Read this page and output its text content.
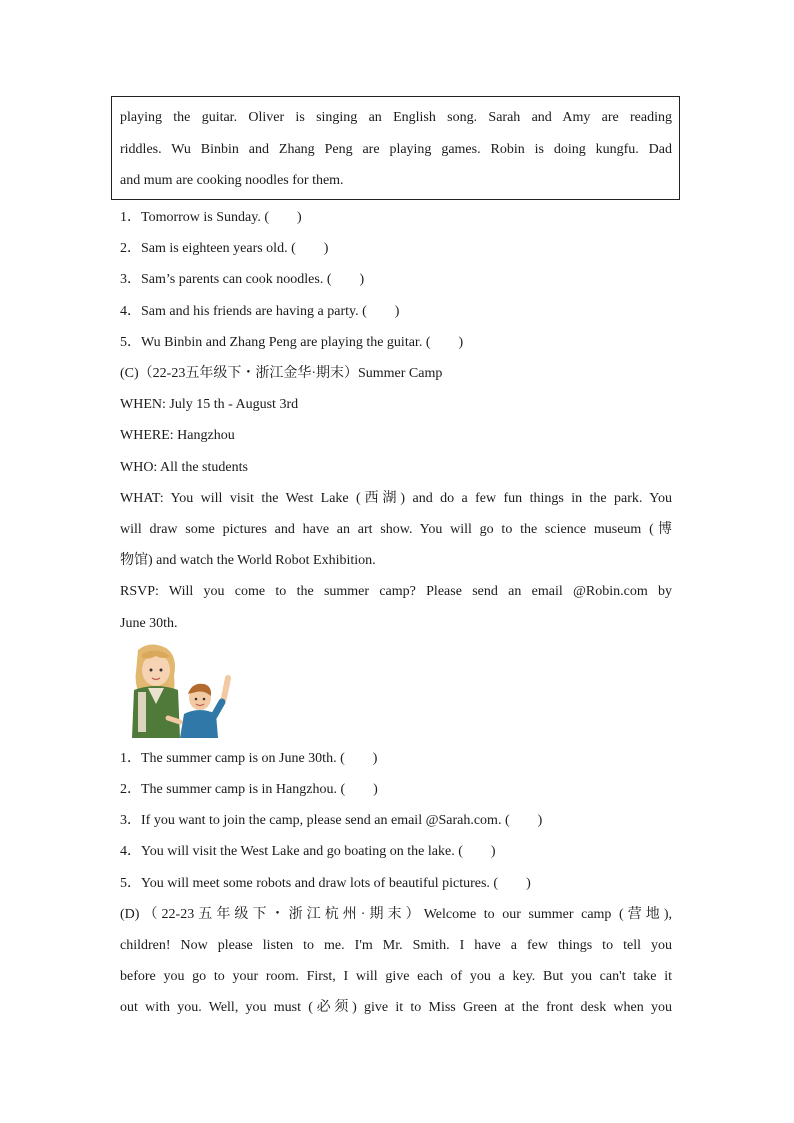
playing the guitar. Oliver is singing an English song. Sarah and Amy are reading
riddles. Wu Binbin and Zhang Peng are playing games. Robin is doing kungfu. Dad
and mum are cooking noodles for them.
1．Tomorrow is Sunday. (　　)
2．Sam is eighteen years old. (　　)
3．Sam’s parents can cook noodles. (　　)
4．Sam and his friends are having a party. (　　)
5．Wu Binbin and Zhang Peng are playing the guitar. (　　)
(C)（22-23五年级下・浙江金华·期末）Summer Camp
WHEN: July 15 th - August 3rd
WHERE: Hangzhou
WHO: All the students
WHAT: You will visit the West Lake (西湖) and do a few fun things in the park. You
will draw some pictures and have an art show. You will go to the science museum (博
物馆) and watch the World Robot Exhibition.
RSVP: Will you come to the summer camp? Please send an email @Robin.com by
June 30th.
1．The summer camp is on June 30th. (　　)
2．The summer camp is in Hangzhou. (　　)
3．If you want to join the camp, please send an email @Sarah.com. (　　)
4．You will visit the West Lake and go boating on the lake. (　　)
5．You will meet some robots and draw lots of beautiful pictures. (　　)
(D)（22-23五年级下・浙江杭州·期末）Welcome to our summer camp (营地),
children! Now please listen to me. I'm Mr. Smith. I have a few things to tell you
before you go to your room. First, I will give each of you a key. But you can't take it
out with you. Well, you must (必须) give it to Miss Green at the front desk when you
